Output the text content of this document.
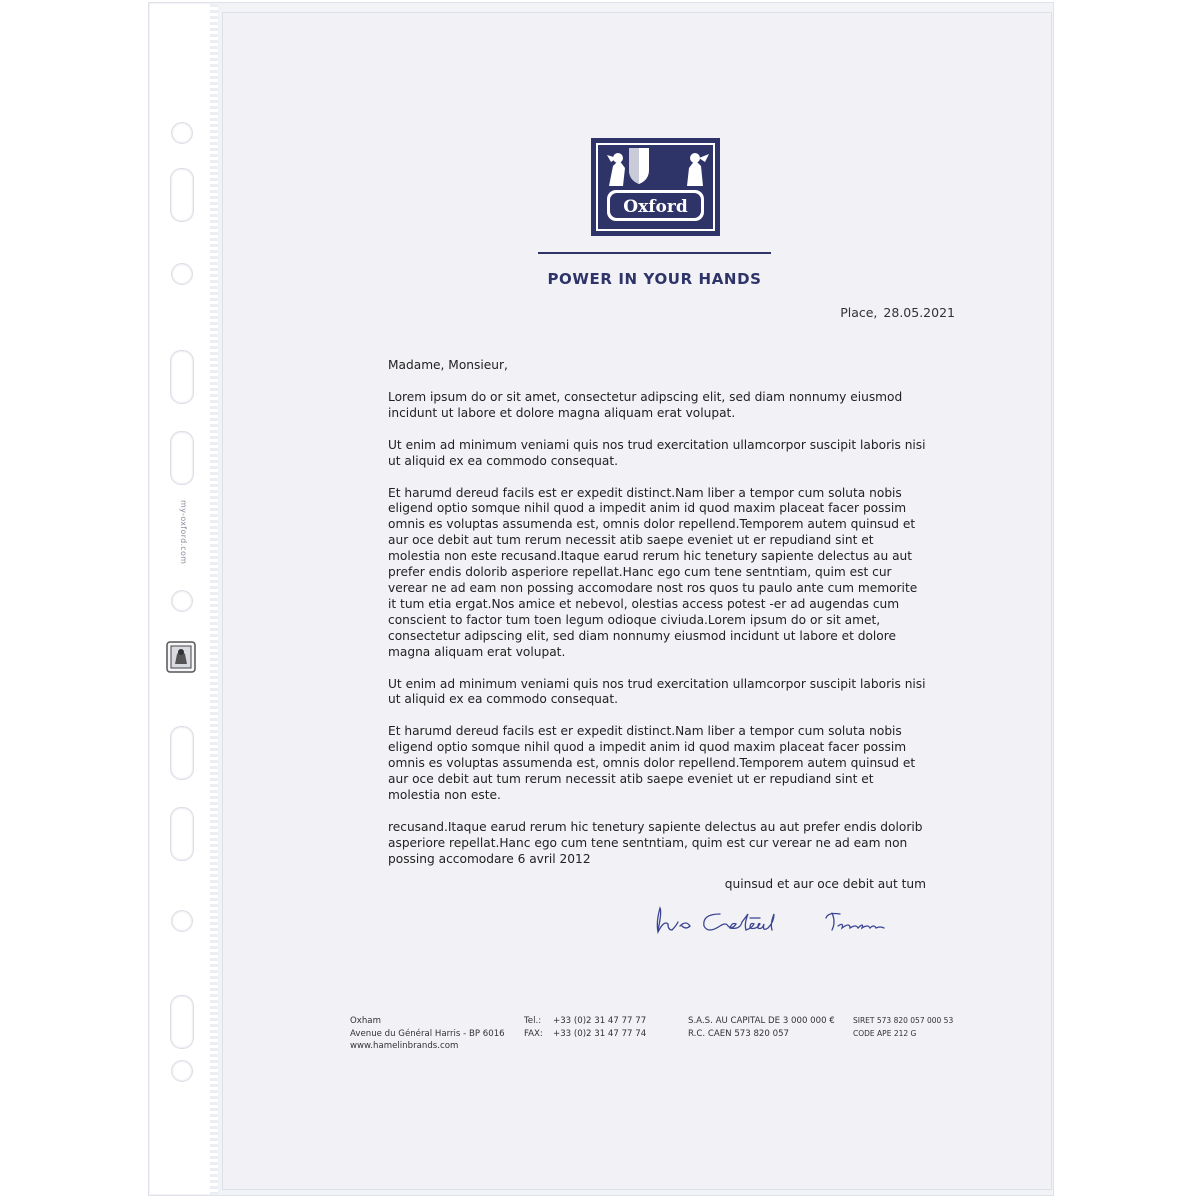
my-oxford.com
Oxford
POWER IN YOUR HANDS
Place, 28.05.2021

Madame, Monsieur,

Lorem ipsum do or sit amet, consectetur adipscing elit, sed diam nonnumy eiusmod incidunt ut labore et dolore magna aliquam erat volupat.

Ut enim ad minimum veniami quis nos trud exercitation ullamcorpor suscipit laboris nisi ut aliquid ex ea commodo consequat.

Et harumd dereud facils est er expedit distinct.Nam liber a tempor cum soluta nobis eligend optio somque nihil quod a impedit anim id quod maxim placeat facer possim omnis es voluptas assumenda est, omnis dolor repellend.Temporem autem quinsud et aur oce debit aut tum rerum necessit atib saepe eveniet ut er repudiand sint et molestia non este recusand.Itaque earud rerum hic tenetury sapiente delectus au aut prefer endis dolorib asperiore repellat.Hanc ego cum tene sentntiam, quim est cur verear ne ad eam non possing accomodare nost ros quos tu paulo ante cum memorite it tum etia ergat.Nos amice et nebevol, olestias access potest -er ad augendas cum conscient to factor tum toen legum odioque civiuda.Lorem ipsum do or sit amet, consectetur adipscing elit, sed diam nonnumy eiusmod incidunt ut labore et dolore magna aliquam erat volupat.

Ut enim ad minimum veniami quis nos trud exercitation ullamcorpor suscipit laboris nisi ut aliquid ex ea commodo consequat.

Et harumd dereud facils est er expedit distinct.Nam liber a tempor cum soluta nobis eligend optio somque nihil quod a impedit anim id quod maxim placeat facer possim omnis es voluptas assumenda est, omnis dolor repellend.Temporem autem quinsud et aur oce debit aut tum rerum necessit atib saepe eveniet ut er repudiand sint et molestia non este.

recusand.Itaque earud rerum hic tenetury sapiente delectus au aut prefer endis dolorib asperiore repellat.Hanc ego cum tene sentntiam, quim est cur verear ne ad eam non possing accomodare 6 avril 2012

quinsud et aur oce debit aut tum
Oxham
Avenue du Général Harris - BP 6016
www.hamelinbrands.com
Tel.: +33 (0)2 31 47 77 77
FAX: +33 (0)2 31 47 77 74
S.A.S. AU CAPITAL DE 3 000 000 €
R.C. CAEN 573 820 057
SIRET 573 820 057 000 53
CODE APE 212 G
